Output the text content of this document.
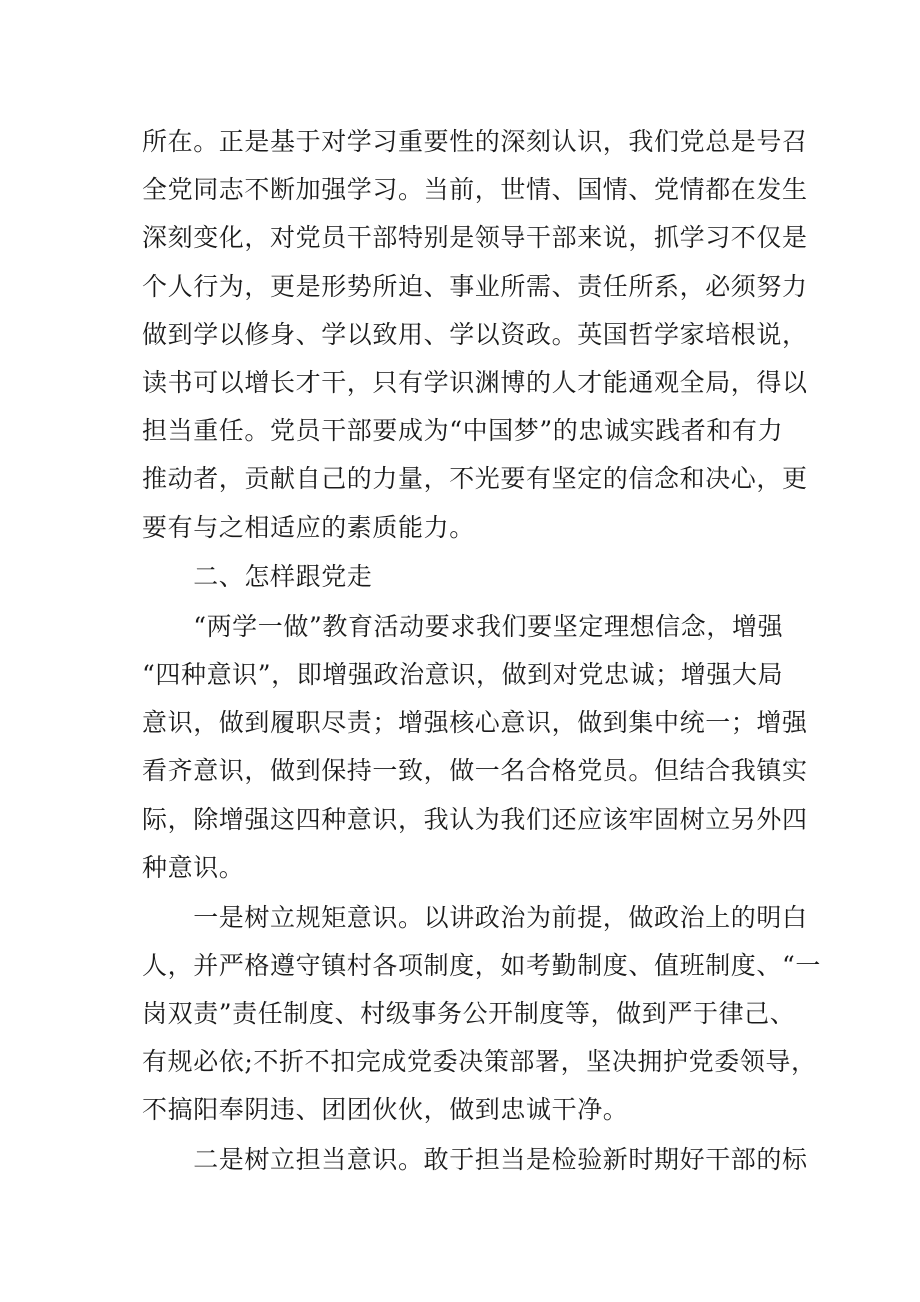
所在。正是基于对学习重要性的深刻认识，我们党总是号召
全党同志不断加强学习。当前，世情、国情、党情都在发生
深刻变化，对党员干部特别是领导干部来说，抓学习不仅是
个人行为，更是形势所迫、事业所需、责任所系，必须努力
做到学以修身、学以致用、学以资政。英国哲学家培根说，
读书可以增长才干，只有学识渊博的人才能通观全局，得以
担当重任。党员干部要成为“中国梦”的忠诚实践者和有力
推动者，贡献自己的力量，不光要有坚定的信念和决心，更
要有与之相适应的素质能力。
　　二、怎样跟党走
　　“两学一做”教育活动要求我们要坚定理想信念，增强
“四种意识”，即增强政治意识，做到对党忠诚；增强大局
意识，做到履职尽责；增强核心意识，做到集中统一；增强
看齐意识，做到保持一致，做一名合格党员。但结合我镇实
际，除增强这四种意识，我认为我们还应该牢固树立另外四
种意识。
　　一是树立规矩意识。以讲政治为前提，做政治上的明白
人，并严格遵守镇村各项制度，如考勤制度、值班制度、“一
岗双责”责任制度、村级事务公开制度等，做到严于律己、
有规必依;不折不扣完成党委决策部署，坚决拥护党委领导，
不搞阳奉阴违、团团伙伙，做到忠诚干净。
　　二是树立担当意识。敢于担当是检验新时期好干部的标
